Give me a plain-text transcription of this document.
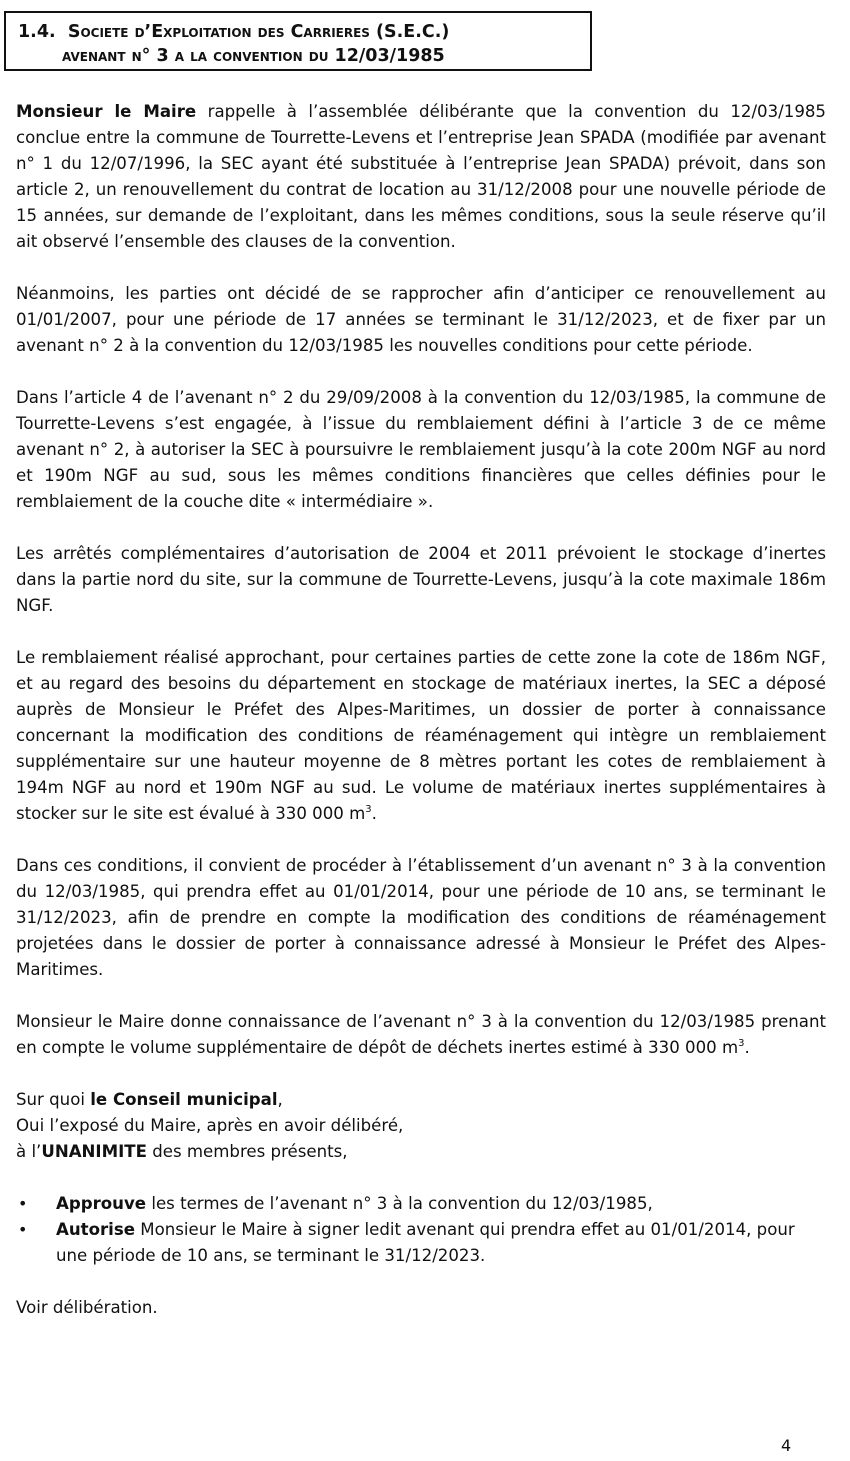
1.4. Societe d’Exploitation des Carrieres (S.E.C.)
avenant n° 3 a la convention du 12/03/1985

Monsieur le Maire rappelle à l’assemblée délibérante que la convention du 12/03/1985 conclue entre la commune de Tourrette-Levens et l’entreprise Jean SPADA (modifiée par avenant n° 1 du 12/07/1996, la SEC ayant été substituée à l’entreprise Jean SPADA) prévoit, dans son article 2, un renouvellement du contrat de location au 31/12/2008 pour une nouvelle période de 15 années, sur demande de l’exploitant, dans les mêmes conditions, sous la seule réserve qu’il ait observé l’ensemble des clauses de la convention.

Néanmoins, les parties ont décidé de se rapprocher afin d’anticiper ce renouvellement au 01/01/2007, pour une période de 17 années se terminant le 31/12/2023, et de fixer par un avenant n° 2 à la convention du 12/03/1985 les nouvelles conditions pour cette période.

Dans l’article 4 de l’avenant n° 2 du 29/09/2008 à la convention du 12/03/1985, la commune de Tourrette-Levens s’est engagée, à l’issue du remblaiement défini à l’article 3 de ce même avenant n° 2, à autoriser la SEC à poursuivre le remblaiement jusqu’à la cote 200m NGF au nord et 190m NGF au sud, sous les mêmes conditions financières que celles définies pour le remblaiement de la couche dite « intermédiaire ».

Les arrêtés complémentaires d’autorisation de 2004 et 2011 prévoient le stockage d’inertes dans la partie nord du site, sur la commune de Tourrette-Levens, jusqu’à la cote maximale 186m NGF.

Le remblaiement réalisé approchant, pour certaines parties de cette zone la cote de 186m NGF, et au regard des besoins du département en stockage de matériaux inertes, la SEC a déposé auprès de Monsieur le Préfet des Alpes-Maritimes, un dossier de porter à connaissance concernant la modification des conditions de réaménagement qui intègre un remblaiement supplémentaire sur une hauteur moyenne de 8 mètres portant les cotes de remblaiement à 194m NGF au nord et 190m NGF au sud. Le volume de matériaux inertes supplémentaires à stocker sur le site est évalué à 330 000 $m^3$.

Dans ces conditions, il convient de procéder à l’établissement d’un avenant n° 3 à la convention du 12/03/1985, qui prendra effet au 01/01/2014, pour une période de 10 ans, se terminant le 31/12/2023, afin de prendre en compte la modification des conditions de réaménagement projetées dans le dossier de porter à connaissance adressé à Monsieur le Préfet des Alpes-Maritimes.

Monsieur le Maire donne connaissance de l’avenant n° 3 à la convention du 12/03/1985 prenant en compte le volume supplémentaire de dépôt de déchets inertes estimé à 330 000 $m^3$.

Sur quoi le Conseil municipal,
Oui l’exposé du Maire, après en avoir délibéré,
à l’UNANIMITE des membres présents,
• Approuve les termes de l’avenant n° 3 à la convention du 12/03/1985,
• Autorise Monsieur le Maire à signer ledit avenant qui prendra effet au 01/01/2014, pour une période de 10 ans, se terminant le 31/12/2023.

Voir délibération.

4
